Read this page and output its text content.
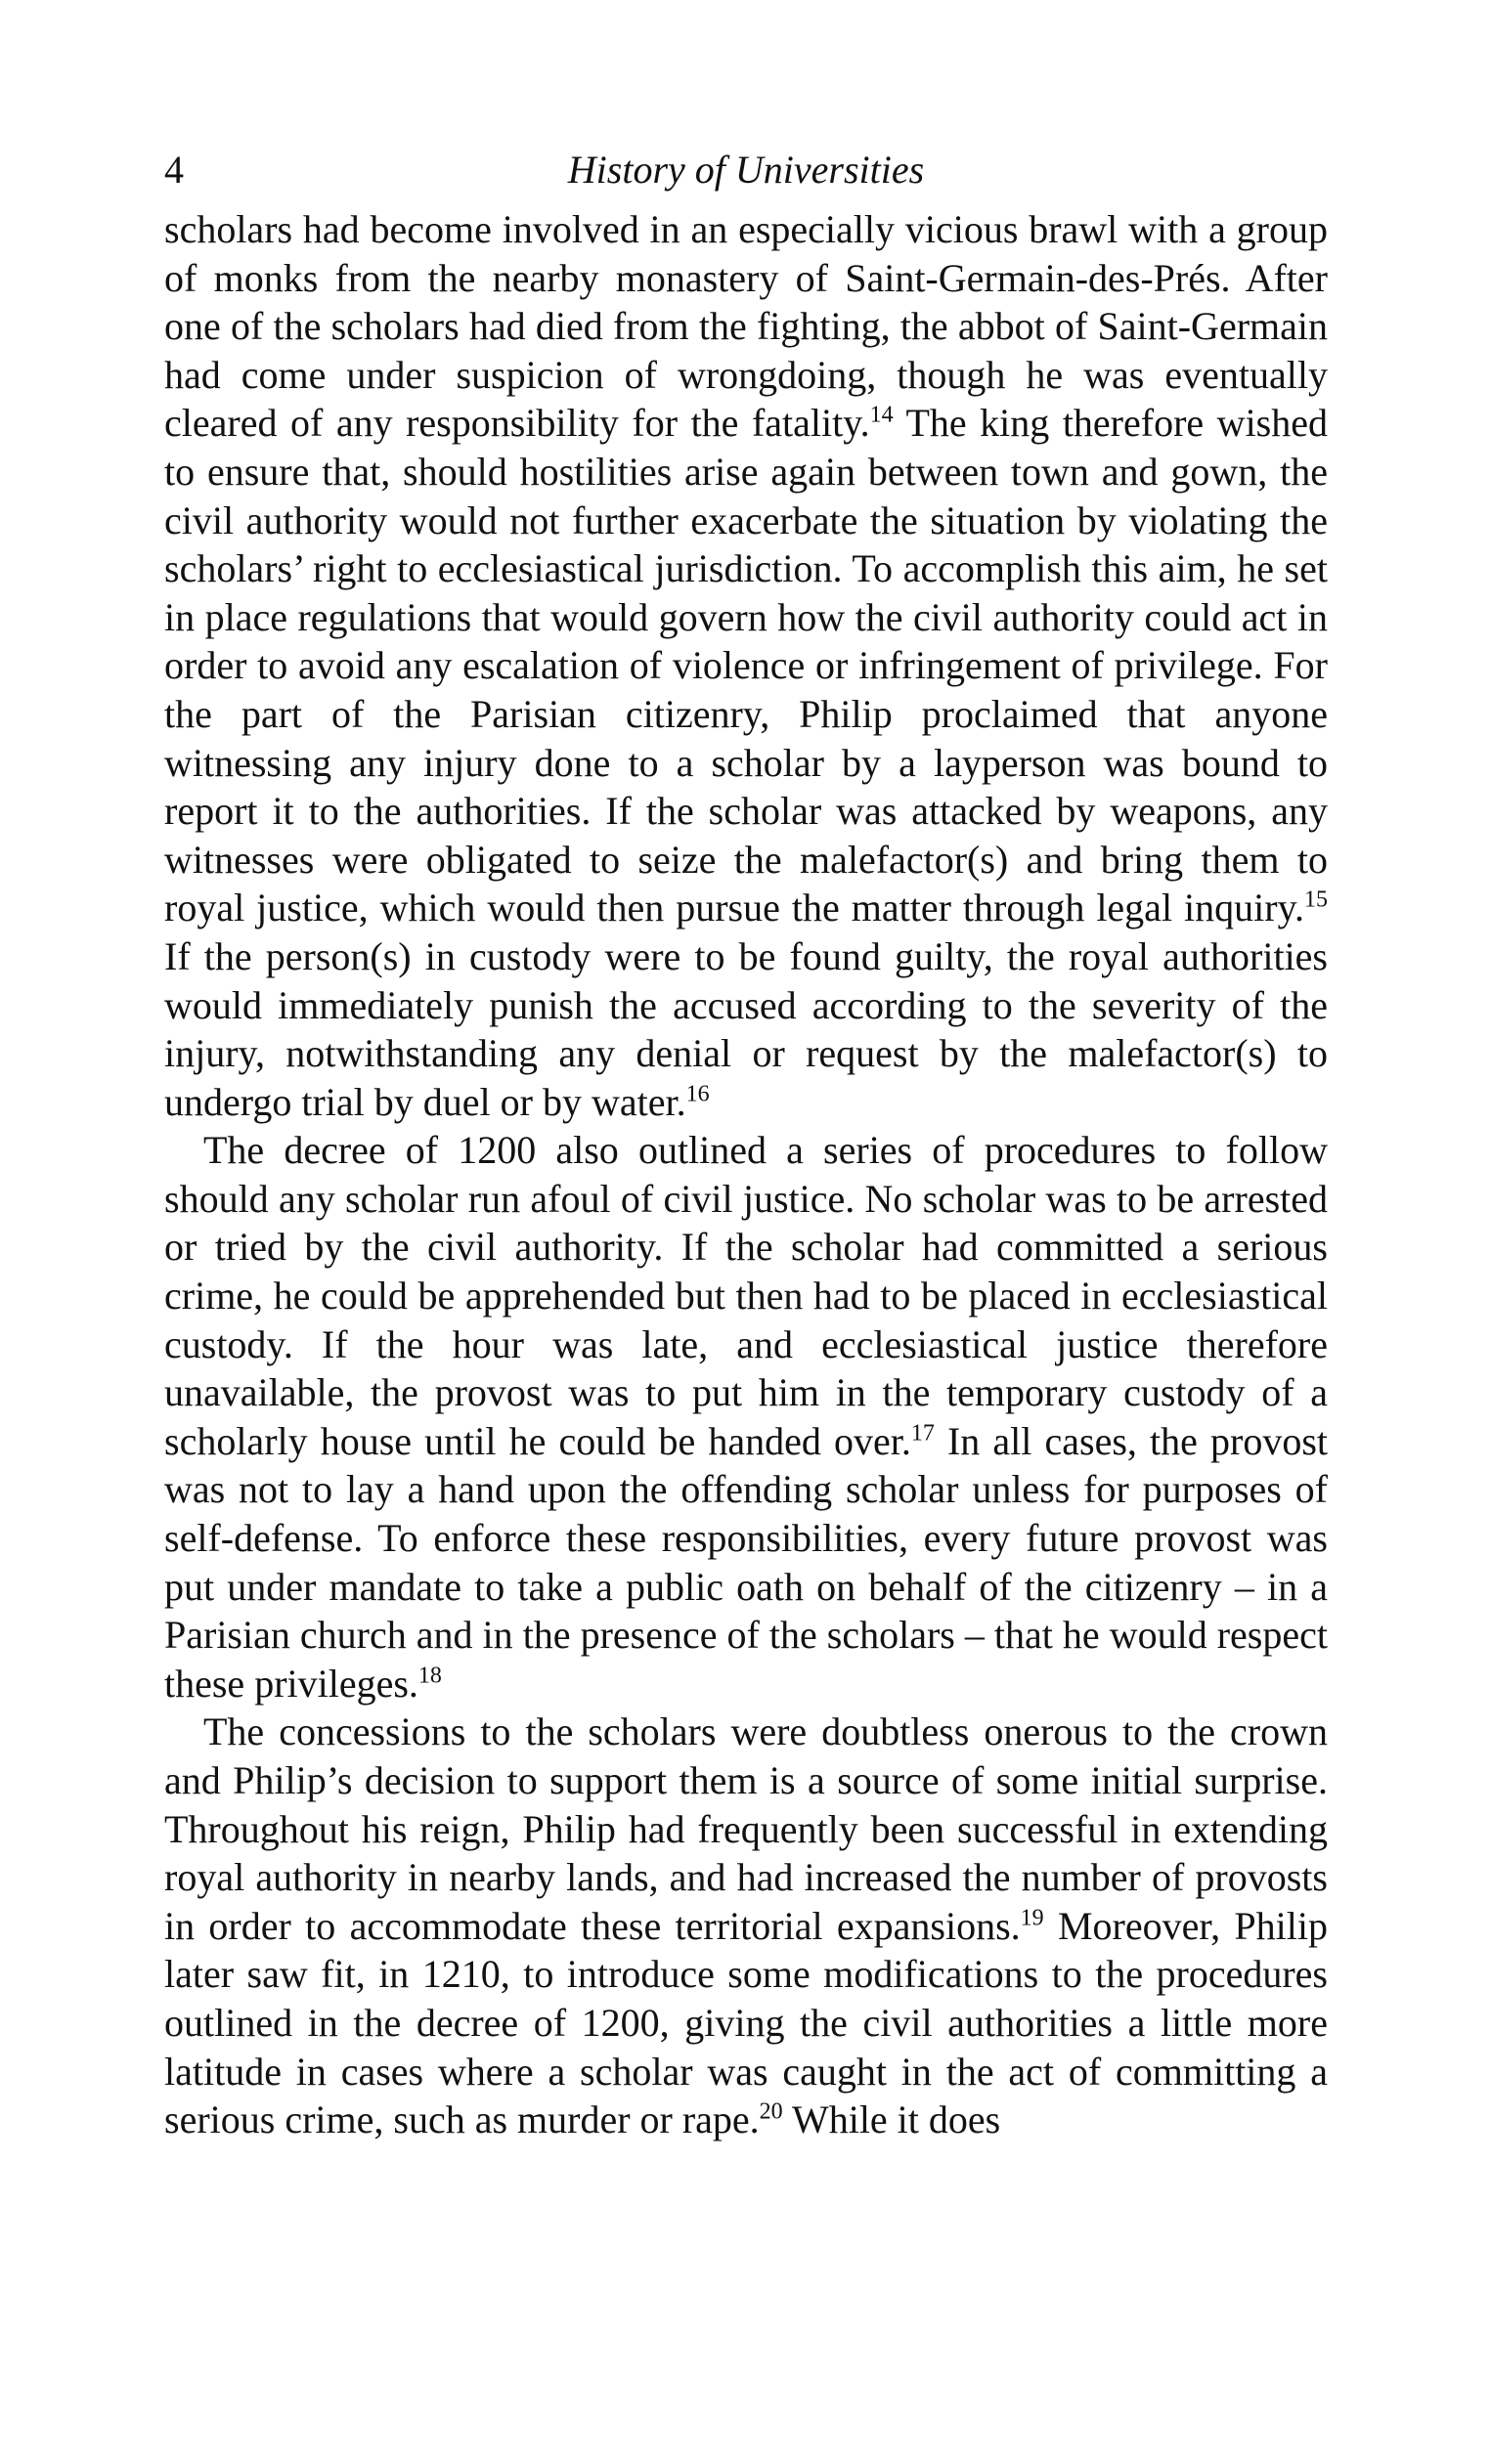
4	History of Universities

scholars had become involved in an especially vicious brawl with a group of monks from the nearby monastery of Saint-Germain-des-Prés. After one of the scholars had died from the fighting, the abbot of Saint-Germain had come under suspicion of wrongdoing, though he was eventually cleared of any responsibility for the fatality.$^{14}$ The king therefore wished to ensure that, should hostilities arise again between town and gown, the civil authority would not further exacerbate the situation by violating the scholars’ right to ecclesiastical jurisdiction. To accomplish this aim, he set in place regulations that would govern how the civil authority could act in order to avoid any escalation of violence or infringement of privilege. For the part of the Parisian citizenry, Philip proclaimed that anyone witnessing any injury done to a scholar by a layperson was bound to report it to the authorities. If the scholar was attacked by weapons, any witnesses were obligated to seize the malefactor(s) and bring them to royal justice, which would then pursue the matter through legal inquiry.$^{15}$ If the person(s) in custody were to be found guilty, the royal authorities would immediately punish the accused according to the severity of the injury, notwithstanding any denial or request by the malefactor(s) to undergo trial by duel or by water.$^{16}$

The decree of 1200 also outlined a series of procedures to follow should any scholar run afoul of civil justice. No scholar was to be arrested or tried by the civil authority. If the scholar had committed a serious crime, he could be apprehended but then had to be placed in ecclesiastical custody. If the hour was late, and ecclesiastical justice therefore unavailable, the provost was to put him in the temporary custody of a scholarly house until he could be handed over.$^{17}$ In all cases, the provost was not to lay a hand upon the offending scholar unless for purposes of self-defense. To enforce these responsibilities, every future provost was put under mandate to take a public oath on behalf of the citizenry – in a Parisian church and in the presence of the scholars – that he would respect these privileges.$^{18}$

The concessions to the scholars were doubtless onerous to the crown and Philip’s decision to support them is a source of some initial surprise. Throughout his reign, Philip had frequently been successful in extending royal authority in nearby lands, and had increased the number of provosts in order to accommodate these territorial expansions.$^{19}$ Moreover, Philip later saw fit, in 1210, to introduce some modifications to the procedures outlined in the decree of 1200, giving the civil authorities a little more latitude in cases where a scholar was caught in the act of committing a serious crime, such as murder or rape.$^{20}$ While it does
